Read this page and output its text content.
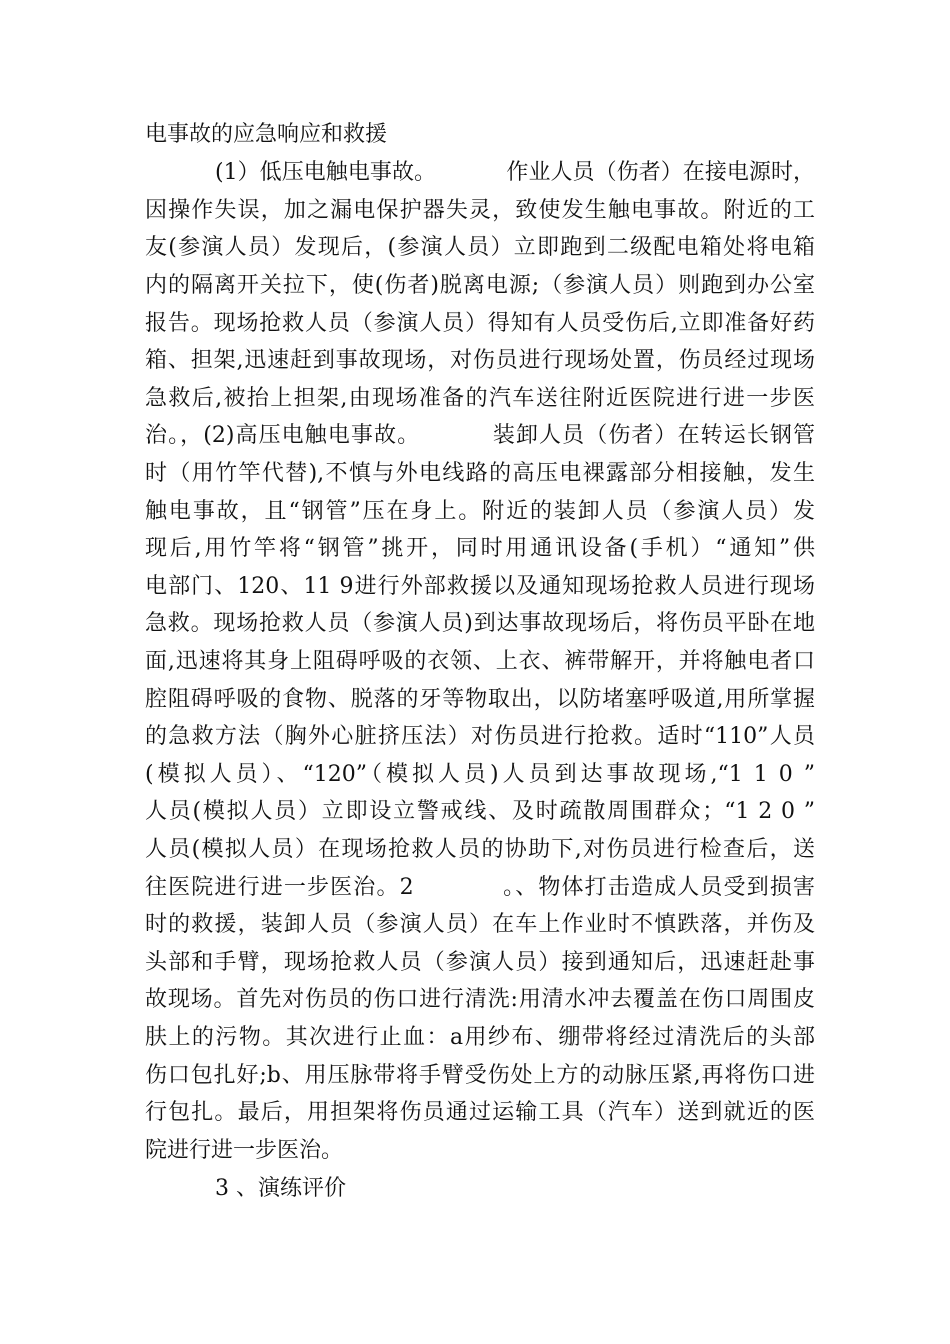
电事故的应急响应和救援
(1）低压电触电事故。          作业人员（伤者）在接电源时，
因操作失误，加之漏电保护器失灵，致使发生触电事故。附近的工
友(参演人员）发现后，(参演人员）立即跑到二级配电箱处将电箱
内的隔离开关拉下，使(伤者)脱离电源;（参演人员）则跑到办公室
报告。现场抢救人员（参演人员）得知有人员受伤后,立即准备好药
箱、担架,迅速赶到事故现场，对伤员进行现场处置，伤员经过现场
急救后,被抬上担架,由现场准备的汽车送往附近医院进行进一步医
治。，(2)高压电触电事故。         装卸人员（伤者）在转运长钢管
时（用竹竿代替),不慎与外电线路的高压电裸露部分相接触，发生
触电事故，且“钢管”压在身上。附近的装卸人员（参演人员）发
现后,用竹竿将“钢管”挑开，同时用通讯设备(手机）“通知”供
电部门、120、11 9进行外部救援以及通知现场抢救人员进行现场
急救。现场抢救人员（参演人员)到达事故现场后，将伤员平卧在地
面,迅速将其身上阻碍呼吸的衣领、上衣、裤带解开，并将触电者口
腔阻碍呼吸的食物、脱落的牙等物取出，以防堵塞呼吸道,用所掌握
的急救方法（胸外心脏挤压法）对伤员进行抢救。适时“110”人员
(模拟人员）、“120”（模拟人员)人员到达事故现场,“1 1 0 ”
人员(模拟人员）立即设立警戒线、及时疏散周围群众；“1 2 0 ”
人员(模拟人员）在现场抢救人员的协助下,对伤员进行检查后，送
往医院进行进一步医治。2           。、物体打击造成人员受到损害
时的救援，装卸人员（参演人员）在车上作业时不慎跌落，并伤及
头部和手臂，现场抢救人员（参演人员）接到通知后，迅速赶赴事
故现场。首先对伤员的伤口进行清洗:用清水冲去覆盖在伤口周围皮
肤上的污物。其次进行止血：a用纱布、绷带将经过清洗后的头部
伤口包扎好;b、用压脉带将手臂受伤处上方的动脉压紧,再将伤口进
行包扎。最后，用担架将伤员通过运输工具（汽车）送到就近的医
院进行进一步医治。
3 、演练评价
